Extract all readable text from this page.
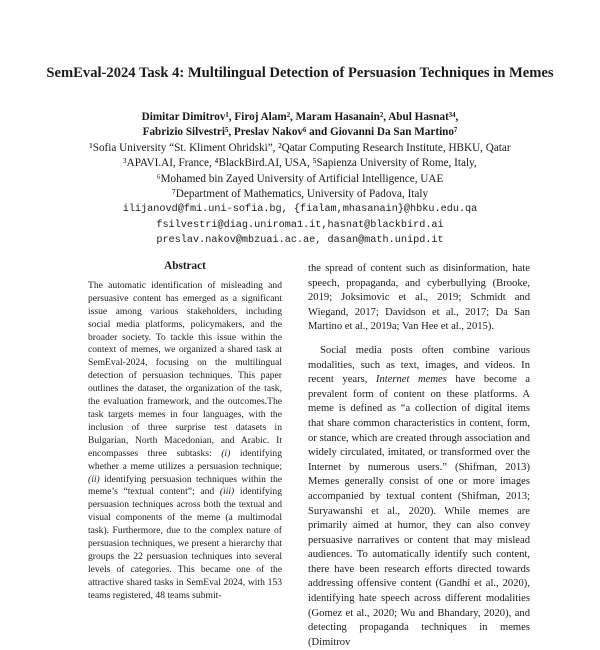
SemEval-2024 Task 4: Multilingual Detection of Persuasion Techniques in Memes
Dimitar Dimitrov¹, Firoj Alam², Maram Hasanain², Abul Hasnat³⁴,
Fabrizio Silvestri⁵, Preslav Nakov⁶ and Giovanni Da San Martino⁷
¹Sofia University “St. Kliment Ohridski”, ²Qatar Computing Research Institute, HBKU, Qatar
³APAVI.AI, France, ⁴BlackBird.AI, USA, ⁵Sapienza University of Rome, Italy,
⁶Mohamed bin Zayed University of Artificial Intelligence, UAE
⁷Department of Mathematics, University of Padova, Italy
ilijanovd@fmi.uni-sofia.bg, {fialam,mhasanain}@hbku.edu.qa
fsilvestri@diag.uniroma1.it,hasnat@blackbird.ai
preslav.nakov@mbzuai.ac.ae, dasan@math.unipd.it
Abstract

The automatic identification of misleading and persuasive content has emerged as a significant issue among various stakeholders, including social media platforms, policymakers, and the broader society. To tackle this issue within the context of memes, we organized a shared task at SemEval-2024, focusing on the multilingual detection of persuasion techniques. This paper outlines the dataset, the organization of the task, the evaluation framework, and the outcomes.The task targets memes in four languages, with the inclusion of three surprise test datasets in Bulgarian, North Macedonian, and Arabic. It encompasses three subtasks: (i) identifying whether a meme utilizes a persuasion technique; (ii) identifying persuasion techniques within the meme’s “textual content”; and (iii) identifying persuasion techniques across both the textual and visual components of the meme (a multimodal task). Furthermore, due to the complex nature of persuasion techniques, we present a hierarchy that groups the 22 persuasion techniques into several levels of categories. This became one of the attractive shared tasks in SemEval 2024, with 153 teams registered, 48 teams submit-

the spread of content such as disinformation, hate speech, propaganda, and cyberbullying (Brooke, 2019; Joksimovic et al., 2019; Schmidt and Wiegand, 2017; Davidson et al., 2017; Da San Martino et al., 2019a; Van Hee et al., 2015).

Social media posts often combine various modalities, such as text, images, and videos. In recent years, Internet memes have become a prevalent form of content on these platforms. A meme is defined as “a collection of digital items that share common characteristics in content, form, or stance, which are created through association and widely circulated, imitated, or transformed over the Internet by numerous users.” (Shifman, 2013) Memes generally consist of one or more images accompanied by textual content (Shifman, 2013; Suryawanshi et al., 2020). While memes are primarily aimed at humor, they can also convey persuasive narratives or content that may mislead audiences. To automatically identify such content, there have been research efforts directed towards addressing offensive content (Gandhi et al., 2020), identifying hate speech across different modalities (Gomez et al., 2020; Wu and Bhandary, 2020), and detecting propaganda techniques in memes (Dimitrov
